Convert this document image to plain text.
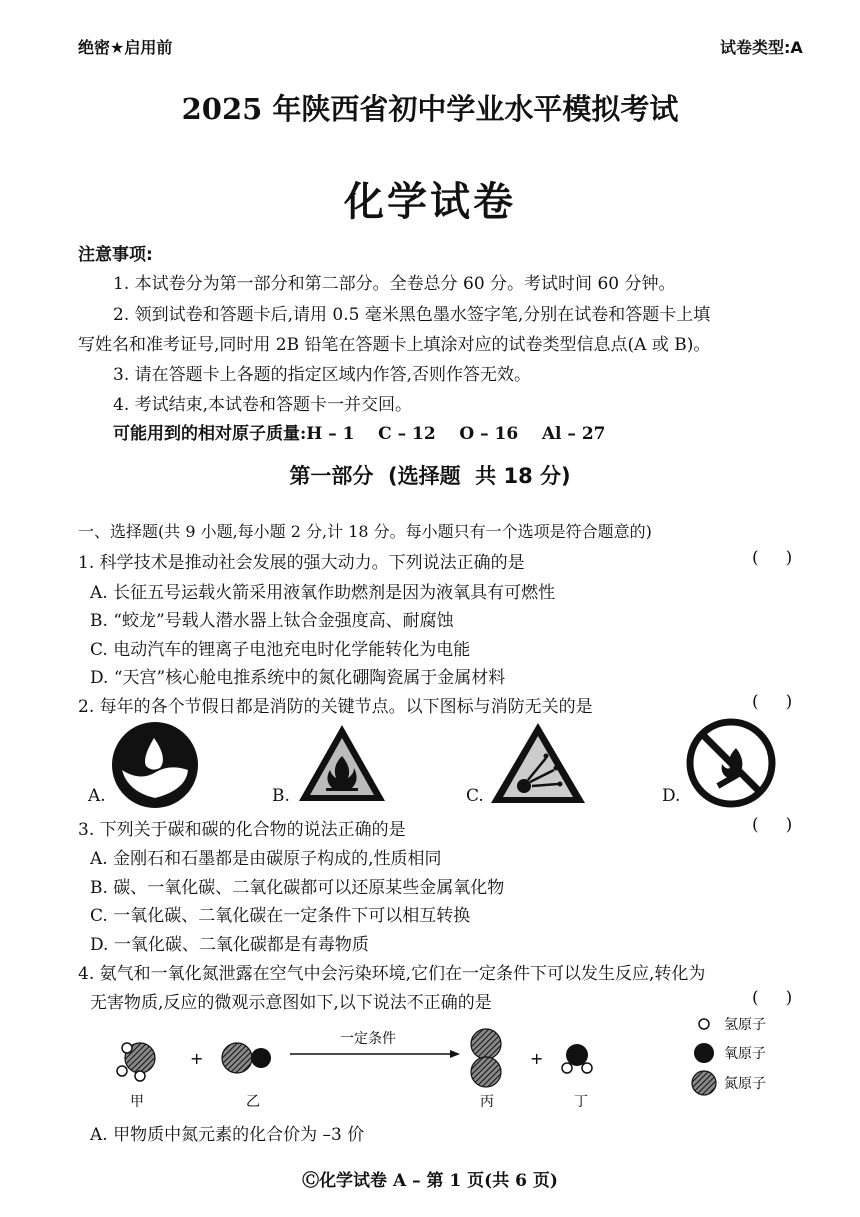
绝密★启用前	试卷类型:A
2025 年陕西省初中学业水平模拟考试
化学试卷
注意事项:
1. 本试卷分为第一部分和第二部分。全卷总分 60 分。考试时间 60 分钟。
2. 领到试卷和答题卡后,请用 0.5 毫米黑色墨水签字笔,分别在试卷和答题卡上填
写姓名和准考证号,同时用 2B 铅笔在答题卡上填涂对应的试卷类型信息点(A 或 B)。
3. 请在答题卡上各题的指定区域内作答,否则作答无效。
4. 考试结束,本试卷和答题卡一并交回。
可能用到的相对原子质量:H – 1    C – 12    O – 16    Al – 27
第一部分  (选择题  共 18 分)
一、选择题(共 9 小题,每小题 2 分,计 18 分。每小题只有一个选项是符合题意的)
1. 科学技术是推动社会发展的强大动力。下列说法正确的是	(     )
A. 长征五号运载火箭采用液氧作助燃剂是因为液氧具有可燃性
B. “蛟龙”号载人潜水器上钛合金强度高、耐腐蚀
C. 电动汽车的锂离子电池充电时化学能转化为电能
D. “天宫”核心舱电推系统中的氮化硼陶瓷属于金属材料
2. 每年的各个节假日都是消防的关键节点。以下图标与消防无关的是	(     )
A.	B.	C.	D.
3. 下列关于碳和碳的化合物的说法正确的是	(     )
A. 金刚石和石墨都是由碳原子构成的,性质相同
B. 碳、一氧化碳、二氧化碳都可以还原某些金属氧化物
C. 一氧化碳、二氧化碳在一定条件下可以相互转换
D. 一氧化碳、二氧化碳都是有毒物质
4. 氨气和一氧化氮泄露在空气中会污染环境,它们在一定条件下可以发生反应,转化为
无害物质,反应的微观示意图如下,以下说法不正确的是	(     )
+
一定条件
+
甲	乙	丙	丁
氢原子
氧原子
氮原子
A. 甲物质中氮元素的化合价为 –3 价
Ⓒ化学试卷 A – 第 1 页(共 6 页)
